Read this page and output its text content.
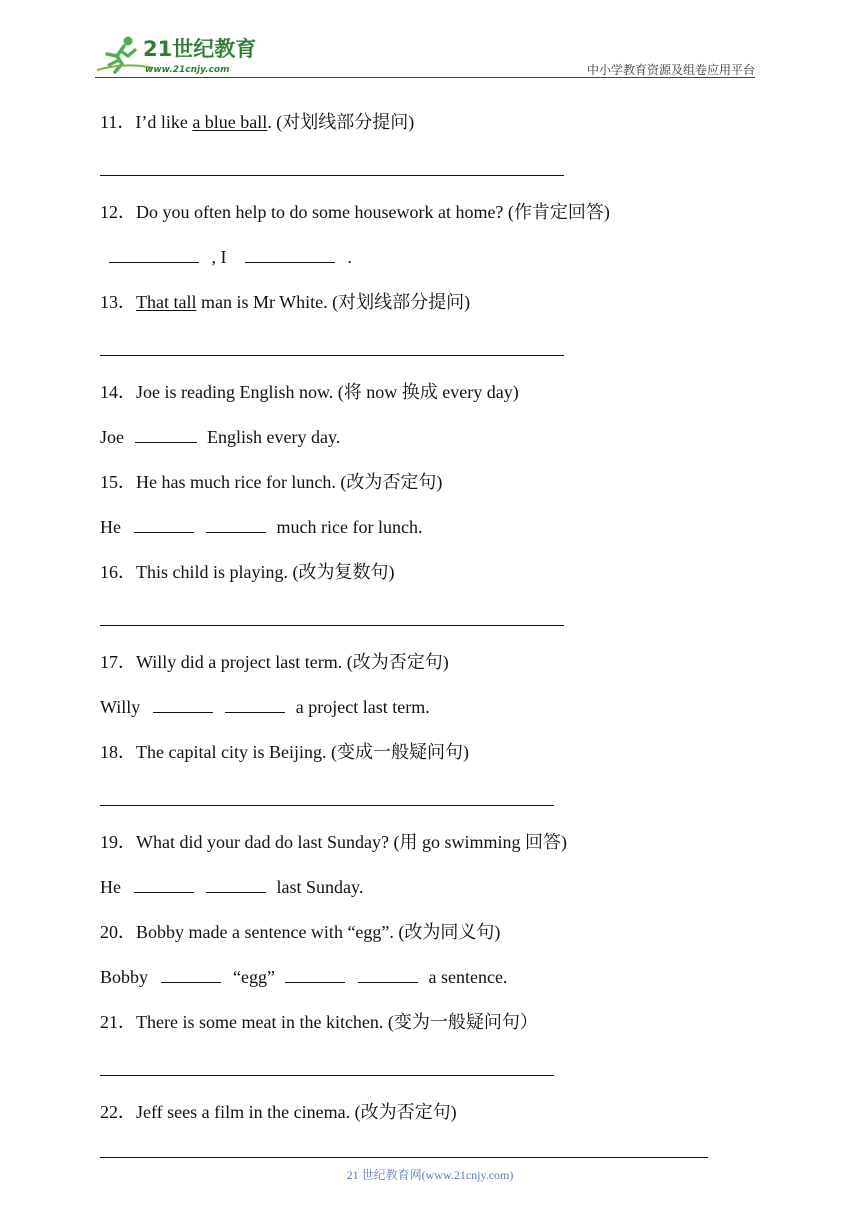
21世纪教育
www.21cnjy.com	中小学教育资源及组卷应用平台
11．I’d like a blue ball. (对划线部分提问)
12．Do you often help to do some housework at home? (作肯定回答)
, I	.
13．That tall man is Mr White. (对划线部分提问)
14．Joe is reading English now. (将 now 换成 every day)
Joe	English every day.
15．He has much rice for lunch. (改为否定句)
He	much rice for lunch.
16．This child is playing. (改为复数句)
17．Willy did a project last term. (改为否定句)
Willy	a project last term.
18．The capital city is Beijing. (变成一般疑问句)
19．What did your dad do last Sunday? (用 go swimming 回答)
He	last Sunday.
20．Bobby made a sentence with “egg”. (改为同义句)
Bobby	“egg”	a sentence.
21．There is some meat in the kitchen. (变为一般疑问句）
22．Jeff sees a film in the cinema. (改为否定句)
21 世纪教育网(www.21cnjy.com)
